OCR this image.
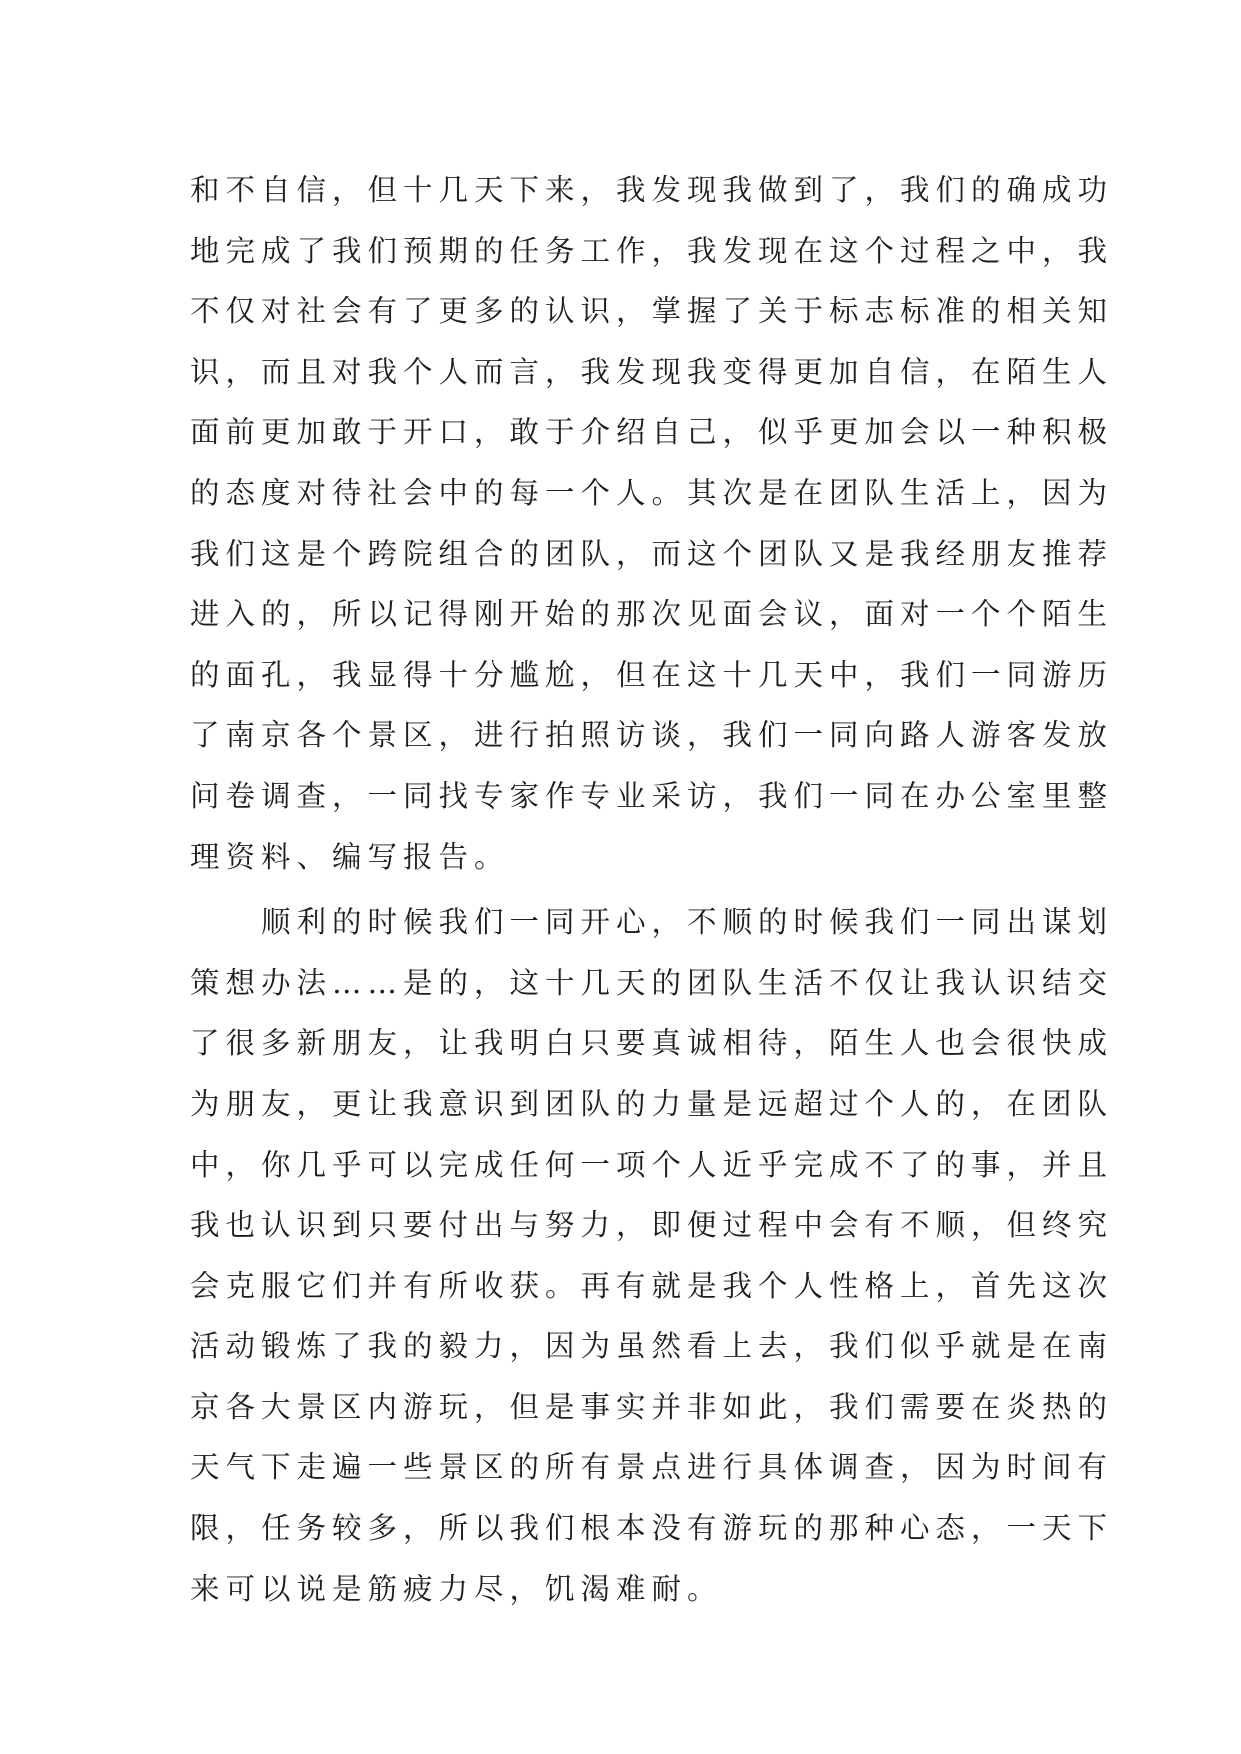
和不自信，但十几天下来，我发现我做到了，我们的确成功
地完成了我们预期的任务工作，我发现在这个过程之中，我
不仅对社会有了更多的认识，掌握了关于标志标准的相关知
识，而且对我个人而言，我发现我变得更加自信，在陌生人
面前更加敢于开口，敢于介绍自己，似乎更加会以一种积极
的态度对待社会中的每一个人。其次是在团队生活上，因为
我们这是个跨院组合的团队，而这个团队又是我经朋友推荐
进入的，所以记得刚开始的那次见面会议，面对一个个陌生
的面孔，我显得十分尴尬，但在这十几天中，我们一同游历
了南京各个景区，进行拍照访谈，我们一同向路人游客发放
问卷调查，一同找专家作专业采访，我们一同在办公室里整
理资料、编写报告。
顺利的时候我们一同开心，不顺的时候我们一同出谋划
策想办法……是的，这十几天的团队生活不仅让我认识结交
了很多新朋友，让我明白只要真诚相待，陌生人也会很快成
为朋友，更让我意识到团队的力量是远超过个人的，在团队
中，你几乎可以完成任何一项个人近乎完成不了的事，并且
我也认识到只要付出与努力，即便过程中会有不顺，但终究
会克服它们并有所收获。再有就是我个人性格上，首先这次
活动锻炼了我的毅力，因为虽然看上去，我们似乎就是在南
京各大景区内游玩，但是事实并非如此，我们需要在炎热的
天气下走遍一些景区的所有景点进行具体调查，因为时间有
限，任务较多，所以我们根本没有游玩的那种心态，一天下
来可以说是筋疲力尽，饥渴难耐。
